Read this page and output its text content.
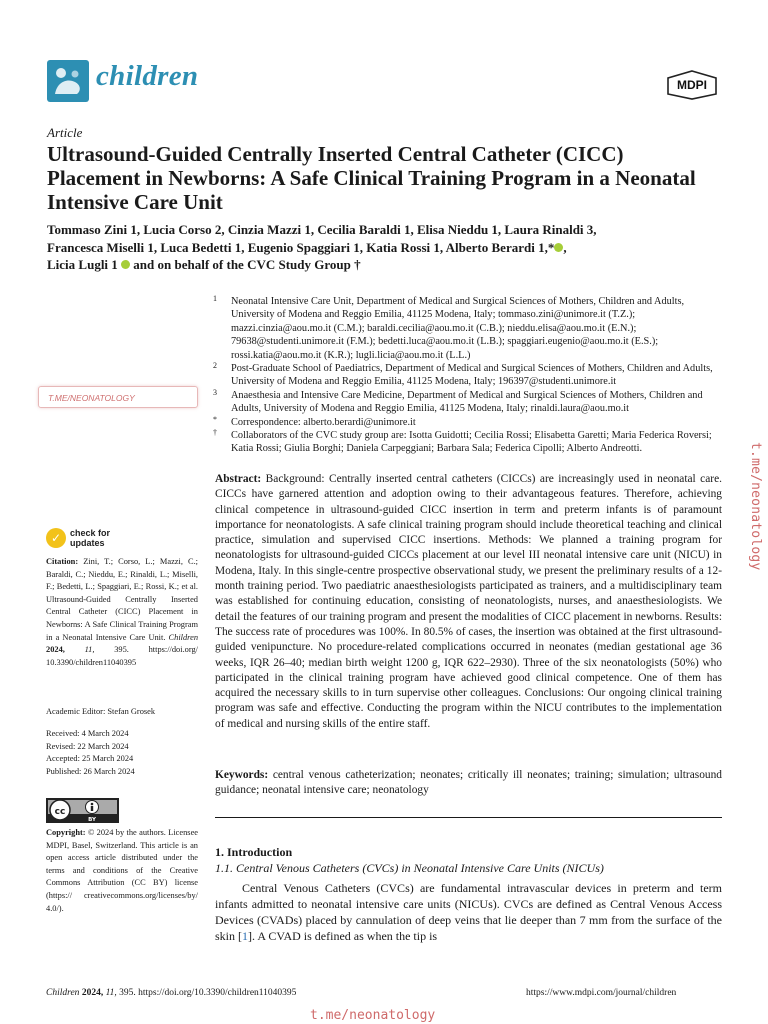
children	MDPI
Article
Ultrasound-Guided Centrally Inserted Central Catheter (CICC) Placement in Newborns: A Safe Clinical Training Program in a Neonatal Intensive Care Unit
Tommaso Zini 1, Lucia Corso 2, Cinzia Mazzi 1, Cecilia Baraldi 1, Elisa Nieddu 1, Laura Rinaldi 3,
Francesca Miselli 1, Luca Bedetti 1, Eugenio Spaggiari 1, Katia Rossi 1, Alberto Berardi 1,* ,
Licia Lugli 1 and on behalf of the CVC Study Group †
1 Neonatal Intensive Care Unit, Department of Medical and Surgical Sciences of Mothers, Children and Adults, University of Modena and Reggio Emilia, 41125 Modena, Italy; tommaso.zini@unimore.it (T.Z.); mazzi.cinzia@aou.mo.it (C.M.); baraldi.cecilia@aou.mo.it (C.B.); nieddu.elisa@aou.mo.it (E.N.); 79638@studenti.unimore.it (F.M.); bedetti.luca@aou.mo.it (L.B.); spaggiari.eugenio@aou.mo.it (E.S.); rossi.katia@aou.mo.it (K.R.); lugli.licia@aou.mo.it (L.L.)
2 Post-Graduate School of Paediatrics, Department of Medical and Surgical Sciences of Mothers, Children and Adults, University of Modena and Reggio Emilia, 41125 Modena, Italy; 196397@studenti.unimore.it
3 Anaesthesia and Intensive Care Medicine, Department of Medical and Surgical Sciences of Mothers, Children and Adults, University of Modena and Reggio Emilia, 41125 Modena, Italy; rinaldi.laura@aou.mo.it
* Correspondence: alberto.berardi@unimore.it
† Collaborators of the CVC study group are: Isotta Guidotti; Cecilia Rossi; Elisabetta Garetti; Maria Federica Roversi; Katia Rossi; Giulia Borghi; Daniela Carpeggiani; Barbara Sala; Federica Cipolli; Alberto Andreotti.
T.ME/NEONATOLOGY
t.me/neonatology
t.me/neonatology
Abstract: Background: Centrally inserted central catheters (CICCs) are increasingly used in neonatal care. CICCs have garnered attention and adoption owing to their advantageous features. Therefore, achieving clinical competence in ultrasound-guided CICC insertion in term and preterm infants is of paramount importance for neonatologists. A safe clinical training program should include theoretical teaching and clinical practice, simulation and supervised CICC insertions. Methods: We planned a training program for neonatologists for ultrasound-guided CICCs placement at our level III neonatal intensive care unit (NICU) in Modena, Italy. In this single-centre prospective observational study, we present the preliminary results of a 12-month training period. Two paediatric anaesthesiologists participated as trainers, and a multidisciplinary team was established for continuing education, consisting of neonatologists, nurses, and anaesthesiologists. We detail the features of our training program and present the modalities of CICC placement in newborns. Results: The success rate of procedures was 100%. In 80.5% of cases, the insertion was obtained at the first ultrasound-guided venipuncture. No procedure-related complications occurred in neonates (median gestational age 36 weeks, IQR 26–40; median birth weight 1200 g, IQR 622–2930). Three of the six neonatologists (50%) who participated in the clinical training program have achieved good clinical competence. One of them has acquired the necessary skills to in turn supervise other colleagues. Conclusions: Our ongoing clinical training program was safe and effective. Conducting the program within the NICU contributes to the implementation of medical and nursing skills of the entire staff.
Keywords: central venous catheterization; neonates; critically ill neonates; training; simulation; ultrasound guidance; neonatal intensive care; neonatology
1. Introduction
1.1. Central Venous Catheters (CVCs) in Neonatal Intensive Care Units (NICUs)
Central Venous Catheters (CVCs) are fundamental intravascular devices in preterm and term infants admitted to neonatal intensive care units (NICUs). CVCs are defined as Central Venous Access Devices (CVADs) placed by cannulation of deep veins that lie deeper than 7 mm from the surface of the skin [1]. A CVAD is defined as when the tip is
✓ check for
updates
Citation: Zini, T.; Corso, L.; Mazzi, C.; Baraldi, C.; Nieddu, E.; Rinaldi, L.; Miselli, F.; Bedetti, L.; Spaggiari, E.; Rossi, K.; et al. Ultrasound-Guided Centrally Inserted Central Catheter (CICC) Placement in Newborns: A Safe Clinical Training Program in a Neonatal Intensive Care Unit. Children 2024, 11, 395. https://doi.org/ 10.3390/children11040395
Academic Editor: Stefan Grosek
Received: 4 March 2024
Revised: 22 March 2024
Accepted: 25 March 2024
Published: 26 March 2024
cc
BY
Copyright: © 2024 by the authors. Licensee MDPI, Basel, Switzerland. This article is an open access article distributed under the terms and conditions of the Creative Commons Attribution (CC BY) license (https:// creativecommons.org/licenses/by/ 4.0/).
Children 2024, 11, 395. https://doi.org/10.3390/children11040395	https://www.mdpi.com/journal/children
